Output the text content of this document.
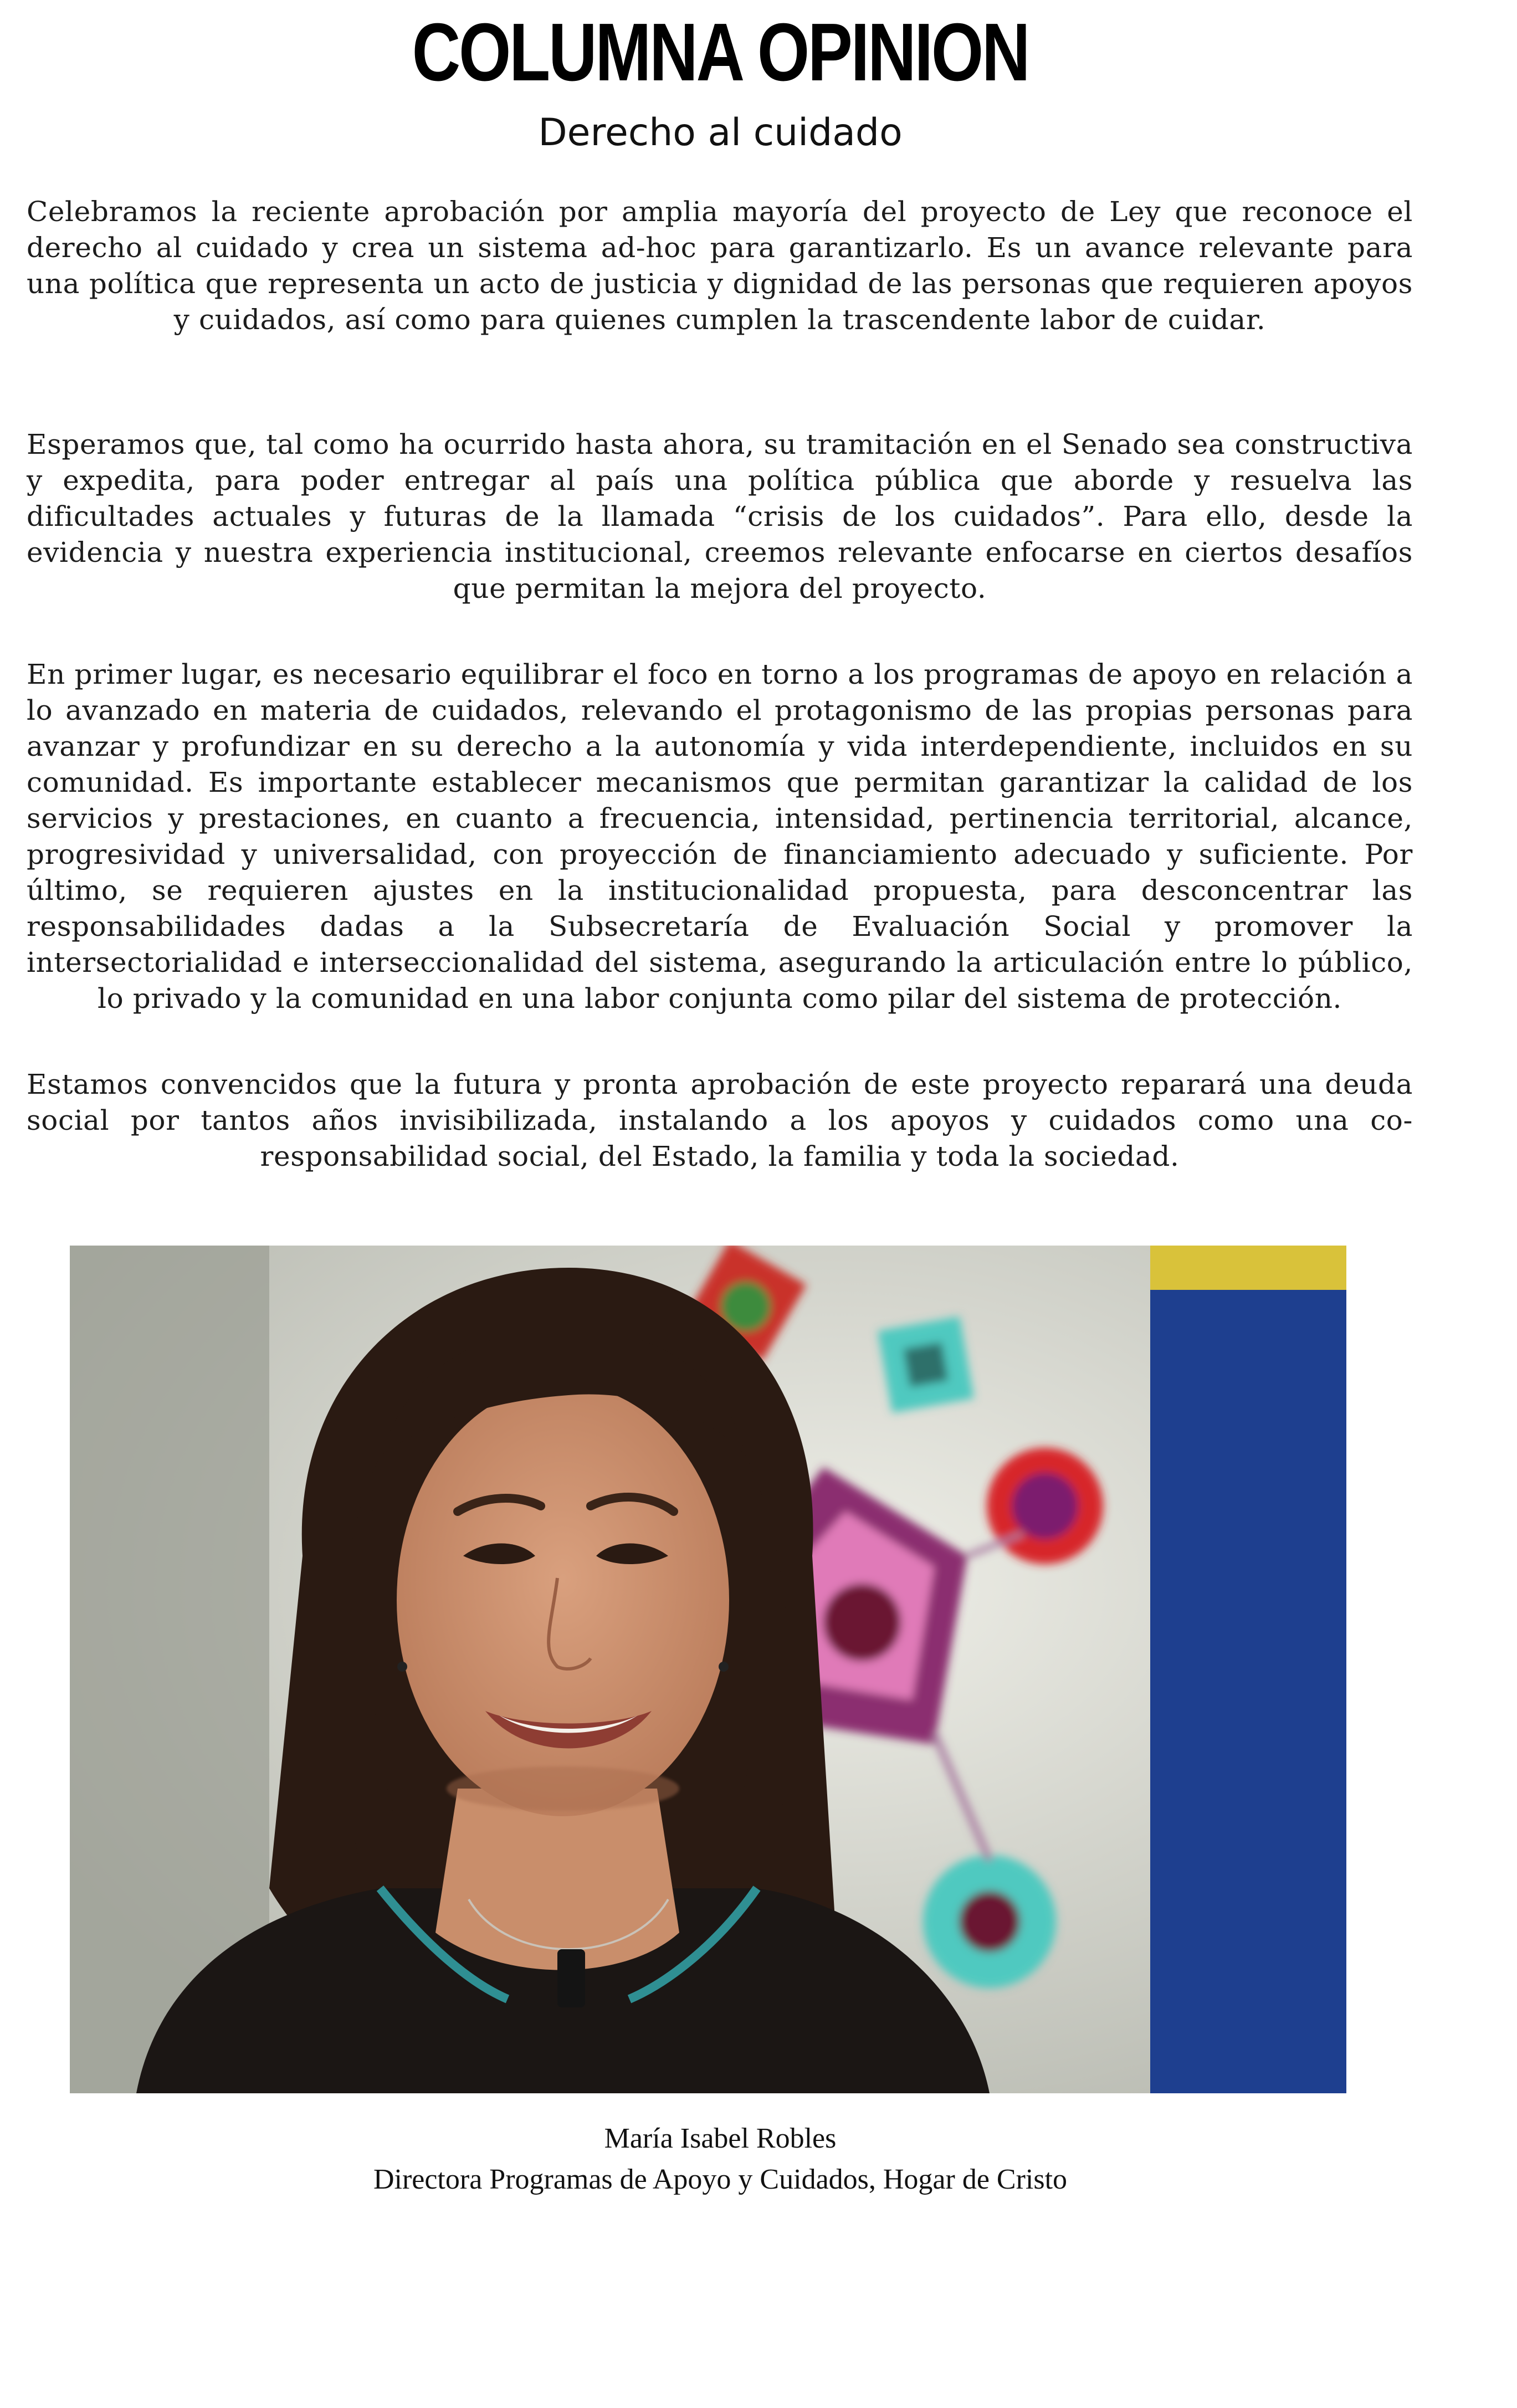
COLUMNA OPINION
Derecho al cuidado

Celebramos la reciente aprobación por amplia mayoría del proyecto de Ley que reconoce el derecho al cuidado y crea un sistema ad-hoc para garantizarlo. Es un avance relevante para una política que representa un acto de justicia y dignidad de las personas que requieren apoyos y cuidados, así como para quienes cumplen la trascendente labor de cuidar.

Esperamos que, tal como ha ocurrido hasta ahora, su tramitación en el Senado sea constructiva y expedita, para poder entregar al país una política pública que aborde y resuelva las dificultades actuales y futuras de la llamada “crisis de los cuidados”. Para ello, desde la evidencia y nuestra experiencia institucional, creemos relevante enfocarse en ciertos desafíos que permitan la mejora del proyecto.

En primer lugar, es necesario equilibrar el foco en torno a los programas de apoyo en relación a lo avanzado en materia de cuidados, relevando el protagonismo de las propias personas para avanzar y profundizar en su derecho a la autonomía y vida interdependiente, incluidos en su comunidad. Es importante establecer mecanismos que permitan garantizar la calidad de los servicios y prestaciones, en cuanto a frecuencia, intensidad, pertinencia territorial, alcance, progresividad y universalidad, con proyección de financiamiento adecuado y suficiente. Por último, se requieren ajustes en la institucionalidad propuesta, para desconcentrar las responsabilidades dadas a la Subsecretaría de Evaluación Social y promover la intersectorialidad e interseccionalidad del sistema, asegurando la articulación entre lo público, lo privado y la comunidad en una labor conjunta como pilar del sistema de protección.

Estamos convencidos que la futura y pronta aprobación de este proyecto reparará una deuda social por tantos años invisibilizada, instalando a los apoyos y cuidados como una co-responsabilidad social, del Estado, la familia y toda la sociedad.

María Isabel Robles

Directora Programas de Apoyo y Cuidados, Hogar de Cristo
